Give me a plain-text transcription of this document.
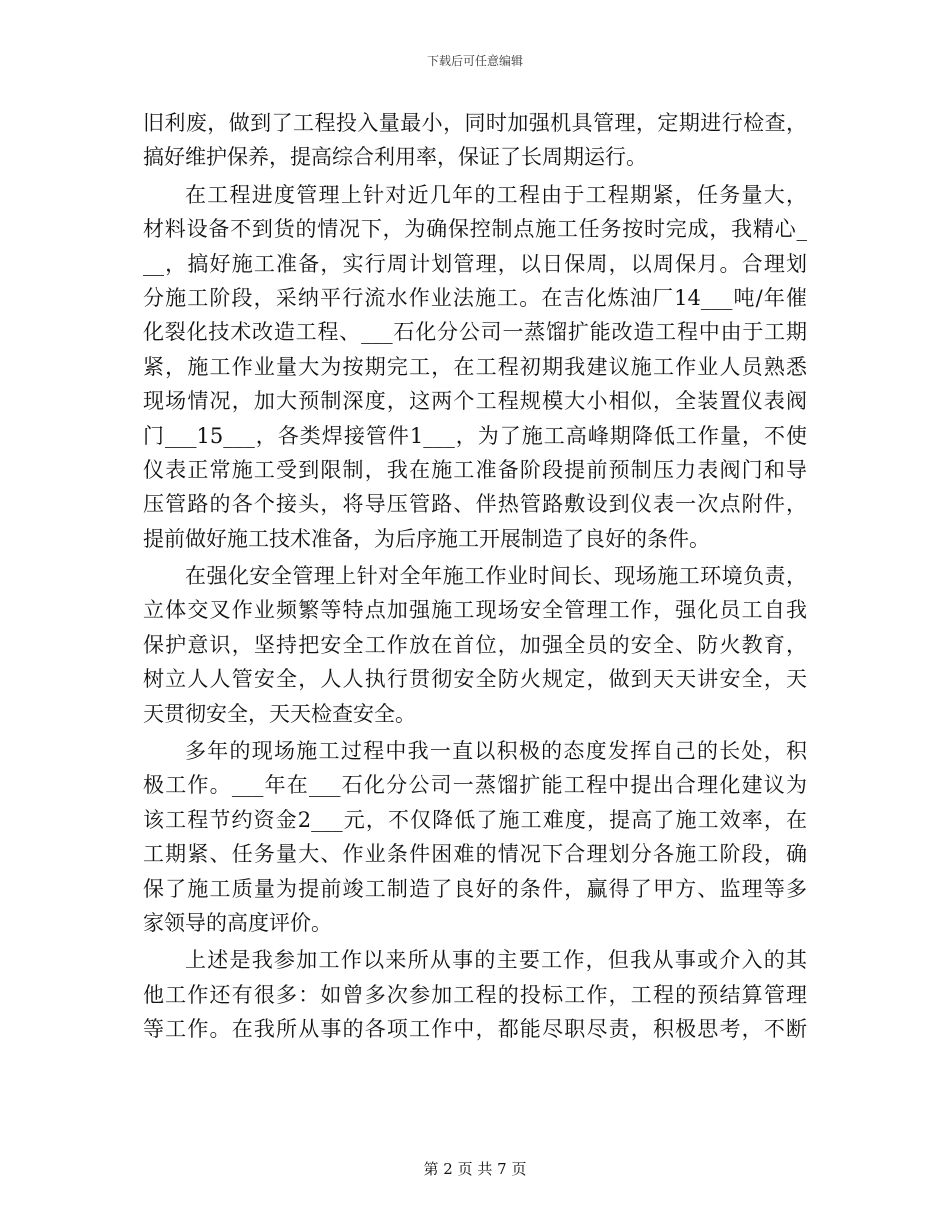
下载后可任意编辑
旧利废，做到了工程投入量最小，同时加强机具管理，定期进行检查，
搞好维护保养，提高综合利用率，保证了长周期运行。
在工程进度管理上针对近几年的工程由于工程期紧，任务量大，
材料设备不到货的情况下，为确保控制点施工任务按时完成，我精心_
__，搞好施工准备，实行周计划管理，以日保周，以周保月。合理划
分施工阶段，采纳平行流水作业法施工。在吉化炼油厂14___吨/年催
化裂化技术改造工程、___石化分公司一蒸馏扩能改造工程中由于工期
紧，施工作业量大为按期完工，在工程初期我建议施工作业人员熟悉
现场情况，加大预制深度，这两个工程规模大小相似，全装置仪表阀
门___15___，各类焊接管件1___，为了施工高峰期降低工作量，不使
仪表正常施工受到限制，我在施工准备阶段提前预制压力表阀门和导
压管路的各个接头，将导压管路、伴热管路敷设到仪表一次点附件，
提前做好施工技术准备，为后序施工开展制造了良好的条件。
在强化安全管理上针对全年施工作业时间长、现场施工环境负责，
立体交叉作业频繁等特点加强施工现场安全管理工作，强化员工自我
保护意识，坚持把安全工作放在首位，加强全员的安全、防火教育，
树立人人管安全，人人执行贯彻安全防火规定，做到天天讲安全，天
天贯彻安全，天天检查安全。
多年的现场施工过程中我一直以积极的态度发挥自己的长处，积
极工作。___年在___石化分公司一蒸馏扩能工程中提出合理化建议为
该工程节约资金2___元，不仅降低了施工难度，提高了施工效率，在
工期紧、任务量大、作业条件困难的情况下合理划分各施工阶段，确
保了施工质量为提前竣工制造了良好的条件，赢得了甲方、监理等多
家领导的高度评价。
上述是我参加工作以来所从事的主要工作，但我从事或介入的其
他工作还有很多：如曾多次参加工程的投标工作，工程的预结算管理
等工作。在我所从事的各项工作中，都能尽职尽责，积极思考，不断
第 2 页 共 7 页
